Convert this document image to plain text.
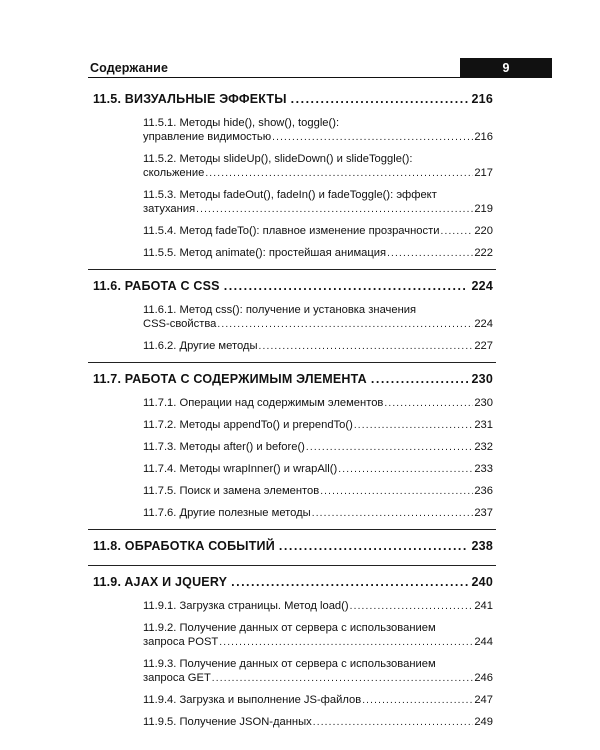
Содержание	9
11.5. ВИЗУАЛЬНЫЕ ЭФФЕКТЫ .....	216
11.5.1. Методы hide(), show(), toggle():
управление видимостью .....	216
11.5.2. Методы slideUp(), slideDown() и slideToggle():
скольжение .....	217
11.5.3. Методы fadeOut(), fadeIn() и fadeToggle(): эффект
затухания .....	219
11.5.4. Метод fadeTo(): плавное изменение прозрачности .....	220
11.5.5. Метод animate(): простейшая анимация .....	222
11.6. РАБОТА С CSS .....	224
11.6.1. Метод css(): получение и установка значения
CSS-свойства .....	224
11.6.2. Другие методы .....	227
11.7. РАБОТА С СОДЕРЖИМЫМ ЭЛЕМЕНТА .....	230
11.7.1. Операции над содержимым элементов .....	230
11.7.2. Методы appendTo() и prependTo() .....	231
11.7.3. Методы after() и before() .....	232
11.7.4. Методы wrapInner() и wrapAll() .....	233
11.7.5. Поиск и замена элементов .....	236
11.7.6. Другие полезные методы .....	237
11.8. ОБРАБОТКА СОБЫТИЙ .....	238
11.9. AJAX И JQUERY .....	240
11.9.1. Загрузка страницы. Метод load() .....	241
11.9.2. Получение данных от сервера с использованием
запроса POST .....	244
11.9.3. Получение данных от сервера с использованием
запроса GET .....	246
11.9.4. Загрузка и выполнение JS-файлов .....	247
11.9.5. Получение JSON-данных .....	249
